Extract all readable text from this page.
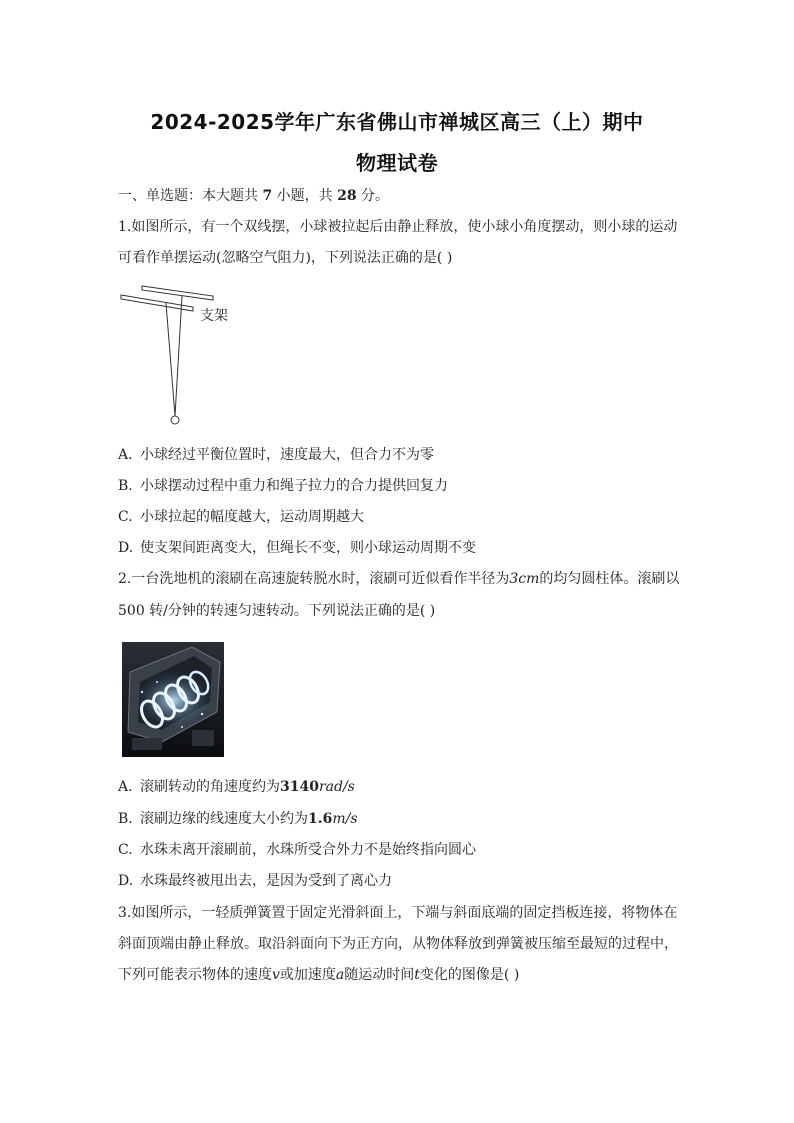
2024-2025学年广东省佛山市禅城区高三（上）期中
物理试卷
一、单选题：本大题共 7 小题，共 28 分。
1.如图所示，有一个双线摆，小球被拉起后由静止释放，使小球小角度摆动，则小球的运动
可看作单摆运动(忽略空气阻力)，下列说法正确的是( )
支架
A. 小球经过平衡位置时，速度最大，但合力不为零
B. 小球摆动过程中重力和绳子拉力的合力提供回复力
C. 小球拉起的幅度越大，运动周期越大
D. 使支架间距离变大，但绳长不变，则小球运动周期不变
2.一台洗地机的滚刷在高速旋转脱水时，滚刷可近似看作半径为3cm的均匀圆柱体。滚刷以
500 转/分钟的转速匀速转动。下列说法正确的是( )
A. 滚刷转动的角速度约为3140rad/s
B. 滚刷边缘的线速度大小约为1.6m/s
C. 水珠未离开滚刷前，水珠所受合外力不是始终指向圆心
D. 水珠最终被甩出去，是因为受到了离心力
3.如图所示，一轻质弹簧置于固定光滑斜面上，下端与斜面底端的固定挡板连接，将物体在
斜面顶端由静止释放。取沿斜面向下为正方向，从物体释放到弹簧被压缩至最短的过程中，
下列可能表示物体的速度v或加速度a随运动时间t变化的图像是( )
